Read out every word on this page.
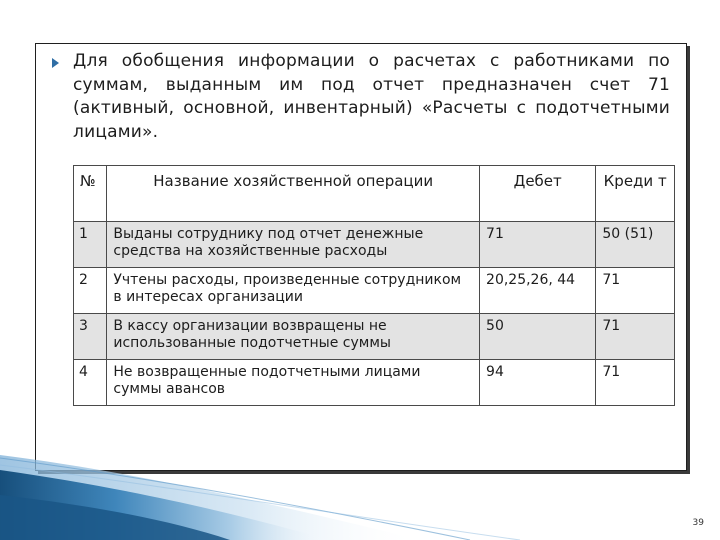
Для обобщения информации о расчетах с работниками по суммам, выданным им под отчет предназначен счет 71 (активный, основной, инвентарный) «Расчеты с подотчетными лицами».
№	Название хозяйственной операции	Дебет	Креди т
1	Выданы сотруднику под отчет денежные средства на хозяйственные расходы	71	50 (51)
2	Учтены расходы, произведенные сотрудником в интересах организации	20,25,26, 44	71
3	В кассу организации возвращены не использованные подотчетные суммы	50	71
4	Не возвращенные подотчетными лицами суммы авансов	94	71
39
